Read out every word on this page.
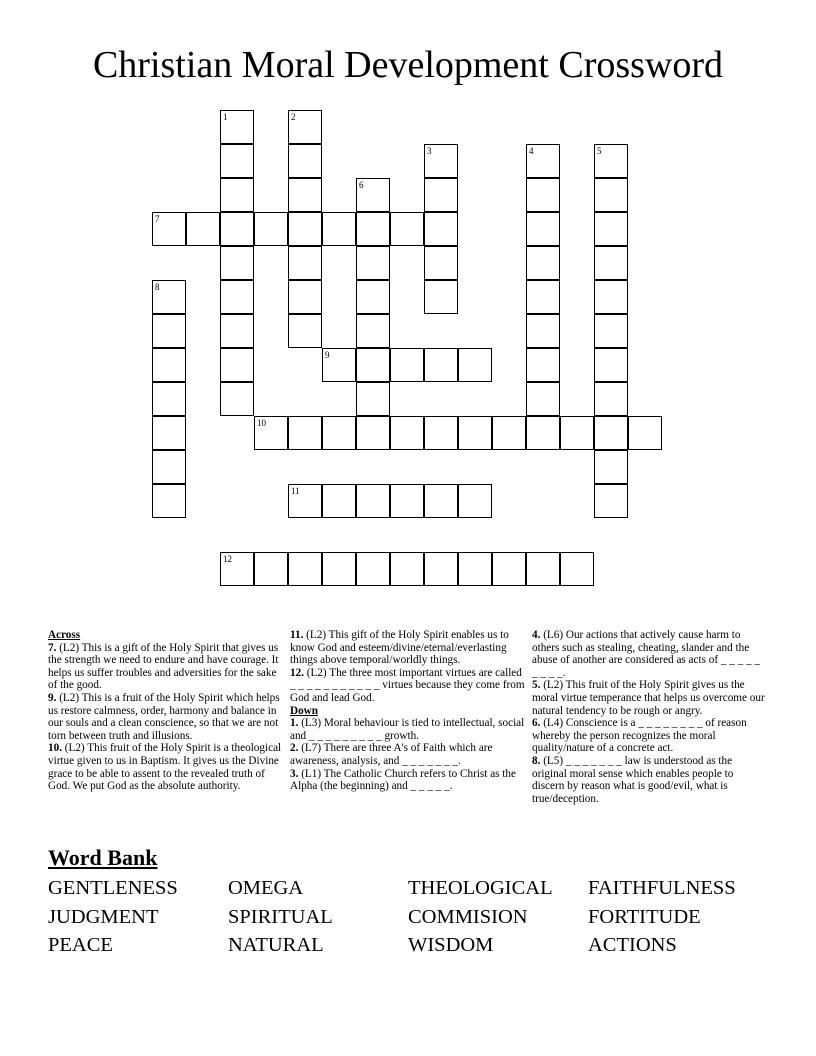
Christian Moral Development Crossword
1	2
3	4	5
6
7
8
9
10
11
12

Across

7. (L2) This is a gift of the Holy Spirit that gives us the strength we need to endure and have courage. It helps us suffer troubles and adversities for the sake of the good.

9. (L2) This is a fruit of the Holy Spirit which helps us restore calmness, order, harmony and balance in our souls and a clean conscience, so that we are not torn between truth and illusions.

10. (L2) This fruit of the Holy Spirit is a theological virtue given to us in Baptism. It gives us the Divine grace to be able to assent to the revealed truth of God. We put God as the absolute authority.

11. (L2) This gift of the Holy Spirit enables us to know God and esteem/divine/eternal/everlasting things above temporal/worldly things.

12. (L2) The three most important virtues are called _ _ _ _ _ _ _ _ _ _ _ virtues because they come from God and lead God.

Down

1. (L3) Moral behaviour is tied to intellectual, social and _ _ _ _ _ _ _ _ _ growth.

2. (L7) There are three A's of Faith which are awareness, analysis, and _ _ _ _ _ _ _.

3. (L1) The Catholic Church refers to Christ as the Alpha (the beginning) and _ _ _ _ _.

4. (L6) Our actions that actively cause harm to others such as stealing, cheating, slander and the abuse of another are considered as acts of _ _ _ _ _ _ _ _ _.

5. (L2) This fruit of the Holy Spirit gives us the moral virtue temperance that helps us overcome our natural tendency to be rough or angry.

6. (L4) Conscience is a _ _ _ _ _ _ _ _ of reason whereby the person recognizes the moral quality/nature of a concrete act.

8. (L5) _ _ _ _ _ _ _ law is understood as the original moral sense which enables people to discern by reason what is good/evil, what is true/deception.

Word Bank
GENTLENESS	OMEGA	THEOLOGICAL	FAITHFULNESS
JUDGMENT	SPIRITUAL	COMMISION	FORTITUDE
PEACE	NATURAL	WISDOM	ACTIONS
